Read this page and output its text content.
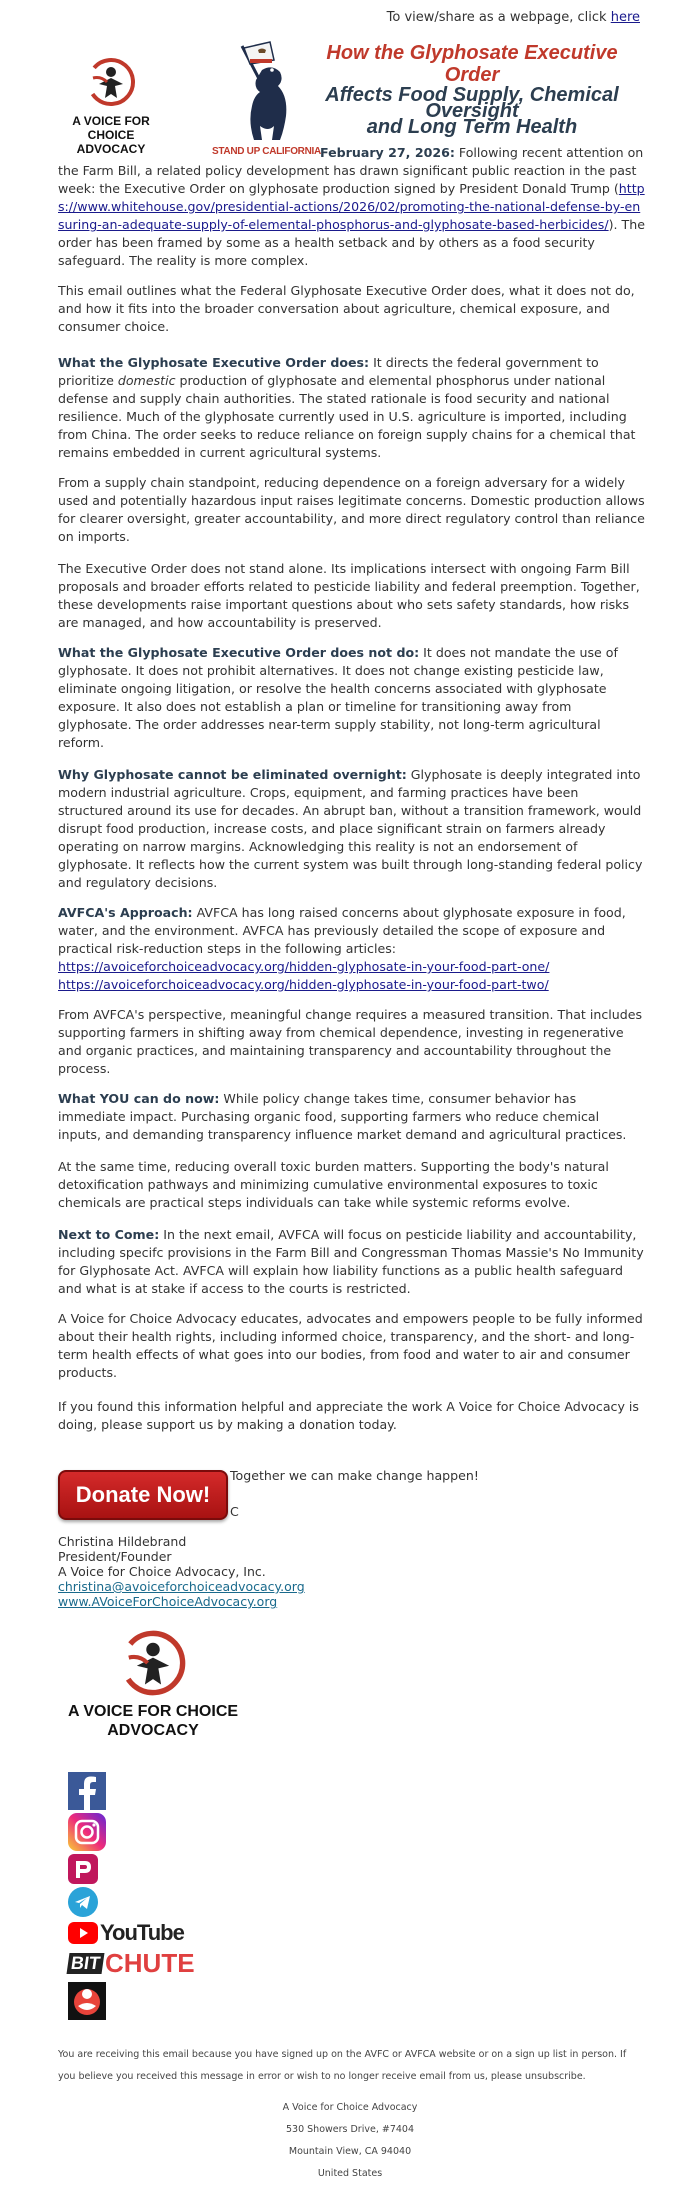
To view/share as a webpage, click here
A VOICE FOR CHOICE
ADVOCACY	STAND UP CALIFORNIA
How the Glyphosate Executive
Order
Affects Food Supply, Chemical
Oversight
and Long Term Health
February 27, 2026: Following recent attention on the Farm Bill, a related policy development has drawn significant public reaction in the past week: the Executive Order on glyphosate production signed by President Donald Trump (https://www.whitehouse.gov/presidential-actions/2026/02/promoting-the-national-defense-by-ensuring-an-adequate-supply-of-elemental-phosphorus-and-glyphosate-based-herbicides/). The order has been framed by some as a health setback and by others as a food security safeguard. The reality is more complex.
This email outlines what the Federal Glyphosate Executive Order does, what it does not do, and how it fits into the broader conversation about agriculture, chemical exposure, and consumer choice.
What the Glyphosate Executive Order does: It directs the federal government to prioritize domestic production of glyphosate and elemental phosphorus under national defense and supply chain authorities. The stated rationale is food security and national resilience. Much of the glyphosate currently used in U.S. agriculture is imported, including from China. The order seeks to reduce reliance on foreign supply chains for a chemical that remains embedded in current agricultural systems.
From a supply chain standpoint, reducing dependence on a foreign adversary for a widely used and potentially hazardous input raises legitimate concerns. Domestic production allows for clearer oversight, greater accountability, and more direct regulatory control than reliance on imports.
The Executive Order does not stand alone. Its implications intersect with ongoing Farm Bill proposals and broader efforts related to pesticide liability and federal preemption. Together, these developments raise important questions about who sets safety standards, how risks are managed, and how accountability is preserved.
What the Glyphosate Executive Order does not do: It does not mandate the use of glyphosate. It does not prohibit alternatives. It does not change existing pesticide law, eliminate ongoing litigation, or resolve the health concerns associated with glyphosate exposure. It also does not establish a plan or timeline for transitioning away from glyphosate. The order addresses near-term supply stability, not long-term agricultural reform.
Why Glyphosate cannot be eliminated overnight: Glyphosate is deeply integrated into modern industrial agriculture. Crops, equipment, and farming practices have been structured around its use for decades. An abrupt ban, without a transition framework, would disrupt food production, increase costs, and place significant strain on farmers already operating on narrow margins. Acknowledging this reality is not an endorsement of glyphosate. It reflects how the current system was built through long-standing federal policy and regulatory decisions.
AVFCA's Approach: AVFCA has long raised concerns about glyphosate exposure in food, water, and the environment. AVFCA has previously detailed the scope of exposure and practical risk-reduction steps in the following articles:
https://avoiceforchoiceadvocacy.org/hidden-glyphosate-in-your-food-part-one/
https://avoiceforchoiceadvocacy.org/hidden-glyphosate-in-your-food-part-two/
From AVFCA's perspective, meaningful change requires a measured transition. That includes supporting farmers in shifting away from chemical dependence, investing in regenerative and organic practices, and maintaining transparency and accountability throughout the process.
What YOU can do now: While policy change takes time, consumer behavior has immediate impact. Purchasing organic food, supporting farmers who reduce chemical inputs, and demanding transparency influence market demand and agricultural practices.
At the same time, reducing overall toxic burden matters. Supporting the body's natural detoxification pathways and minimizing cumulative environmental exposures to toxic chemicals are practical steps individuals can take while systemic reforms evolve.
Next to Come: In the next email, AVFCA will focus on pesticide liability and accountability, including specifc provisions in the Farm Bill and Congressman Thomas Massie's No Immunity for Glyphosate Act. AVFCA will explain how liability functions as a public health safeguard and what is at stake if access to the courts is restricted.
A Voice for Choice Advocacy educates, advocates and empowers people to be fully informed about their health rights, including informed choice, transparency, and the short- and long-term health effects of what goes into our bodies, from food and water to air and consumer products.
If you found this information helpful and appreciate the work A Voice for Choice Advocacy is doing, please support us by making a donation today.
Donate Now!
Together we can make change happen!
C
Christina Hildebrand
President/Founder
A Voice for Choice Advocacy, Inc.
christina@avoiceforchoiceadvocacy.org
www.AVoiceForChoiceAdvocacy.org
A VOICE FOR CHOICE
ADVOCACY
YouTube
BIT CHUTE
You are receiving this email because you have signed up on the AVFC or AVFCA website or on a sign up list in person. If you believe you received this message in error or wish to no longer receive email from us, please unsubscribe.
A Voice for Choice Advocacy
530 Showers Drive, #7404
Mountain View, CA 94040
United States
